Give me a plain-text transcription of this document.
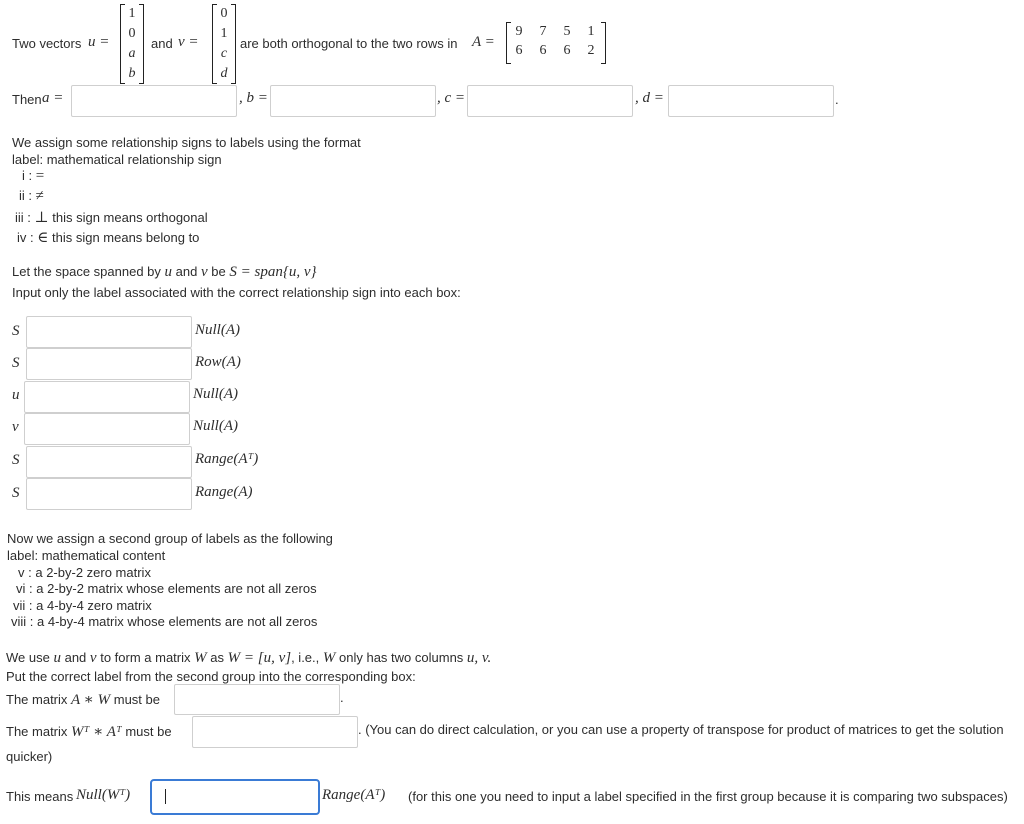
Two vectors u =
1
0
a
b
and v =
0
1
c
d
are both orthogonal to the two rows in A =
9 7 5 1
6 6 6 2
Then a =	, b =	, c =	, d =	.
We assign some relationship signs to labels using the format
label: mathematical relationship sign
i : =
ii : ≠
iii : ⊥ this sign means orthogonal
iv : ∈ this sign means belong to
Let the space spanned by u and v be S = span{u, v}
Input only the label associated with the correct relationship sign into each box:
S	Null(A)
S	Row(A)
u	Null(A)
v	Null(A)
S	Range(Aᵀ)
S	Range(A)
Now we assign a second group of labels as the following
label: mathematical content
v : a 2-by-2 zero matrix
vi : a 2-by-2 matrix whose elements are not all zeros
vii : a 4-by-4 zero matrix
viii : a 4-by-4 matrix whose elements are not all zeros
We use u and v to form a matrix W as W = [u, v], i.e., W only has two columns u, v.
Put the correct label from the second group into the corresponding box:
The matrix A ∗ W must be	.
The matrix Wᵀ ∗ Aᵀ must be	. (You can do direct calculation, or you can use a property of transpose for product of matrices to get the solution
quicker)
This means Null(Wᵀ)	Range(Aᵀ) (for this one you need to input a label specified in the first group because it is comparing two subspaces)
